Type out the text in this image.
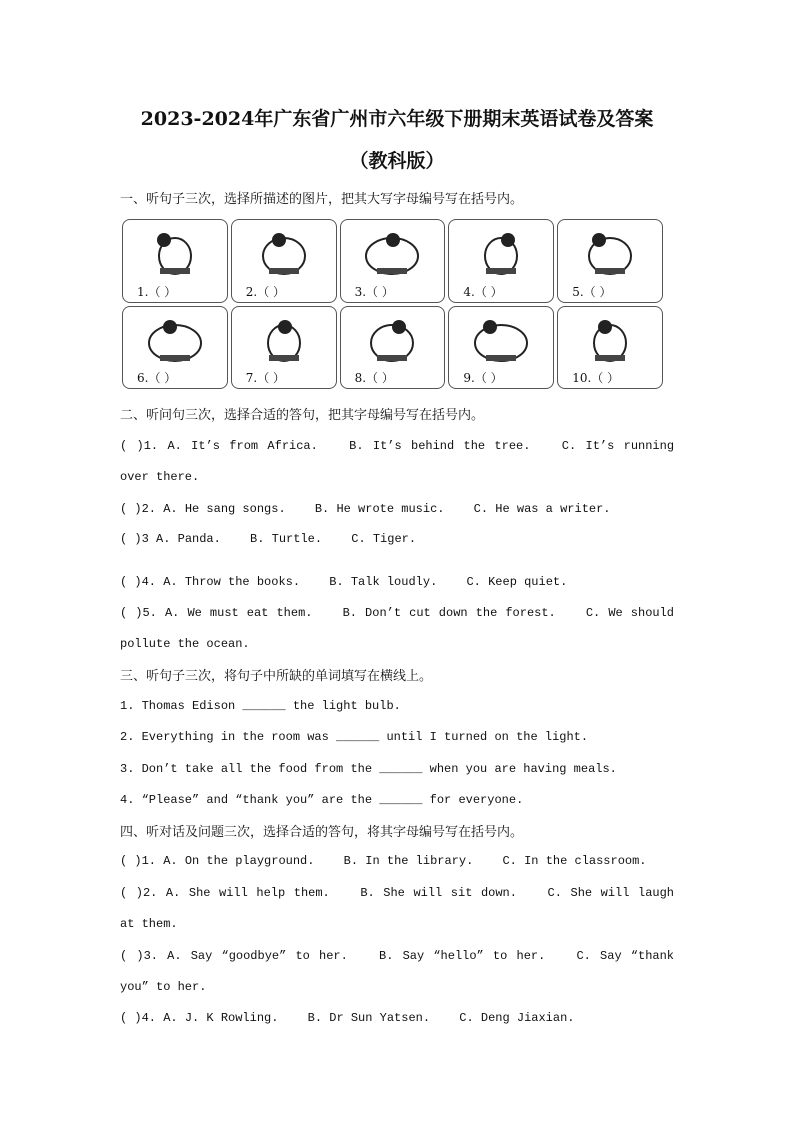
2023-2024年广东省广州市六年级下册期末英语试卷及答案
（教科版）
一、听句子三次，选择所描述的图片，把其大写字母编号写在括号内。
1.（ ）	2.（ ）	3.（ ）	4.（ ）	5.（ ）
6.（ ）	7.（ ）	8.（ ）	9.（ ）	10.（ ）
二、听问句三次，选择合适的答句，把其字母编号写在括号内。
( )1. A. It’s from Africa.	B. It’s behind the tree.	C. It’s running over there.
( )2. A. He sang songs. B. He wrote music. C. He was a writer.
( )3 A. Panda. B. Turtle. C. Tiger.
( )4. A. Throw the books. B. Talk loudly. C. Keep quiet.
( )5. A. We must eat them.	B. Don’t cut down the forest.	C. We should pollute the ocean.
三、听句子三次，将句子中所缺的单词填写在横线上。
1. Thomas Edison ______ the light bulb.
2. Everything in the room was ______ until I turned on the light.
3. Don’t take all the food from the ______ when you are having meals.
4. “Please” and “thank you” are the ______ for everyone.
四、听对话及问题三次，选择合适的答句，将其字母编号写在括号内。
( )1. A. On the playground. B. In the library. C. In the classroom.
( )2. A. She will help them.	B. She will sit down.	C. She will laugh at them.
( )3. A. Say “goodbye” to her.	B. Say “hello” to her.	C. Say “thank you” to her.
( )4. A. J. K Rowling. B. Dr Sun Yatsen. C. Deng Jiaxian.
